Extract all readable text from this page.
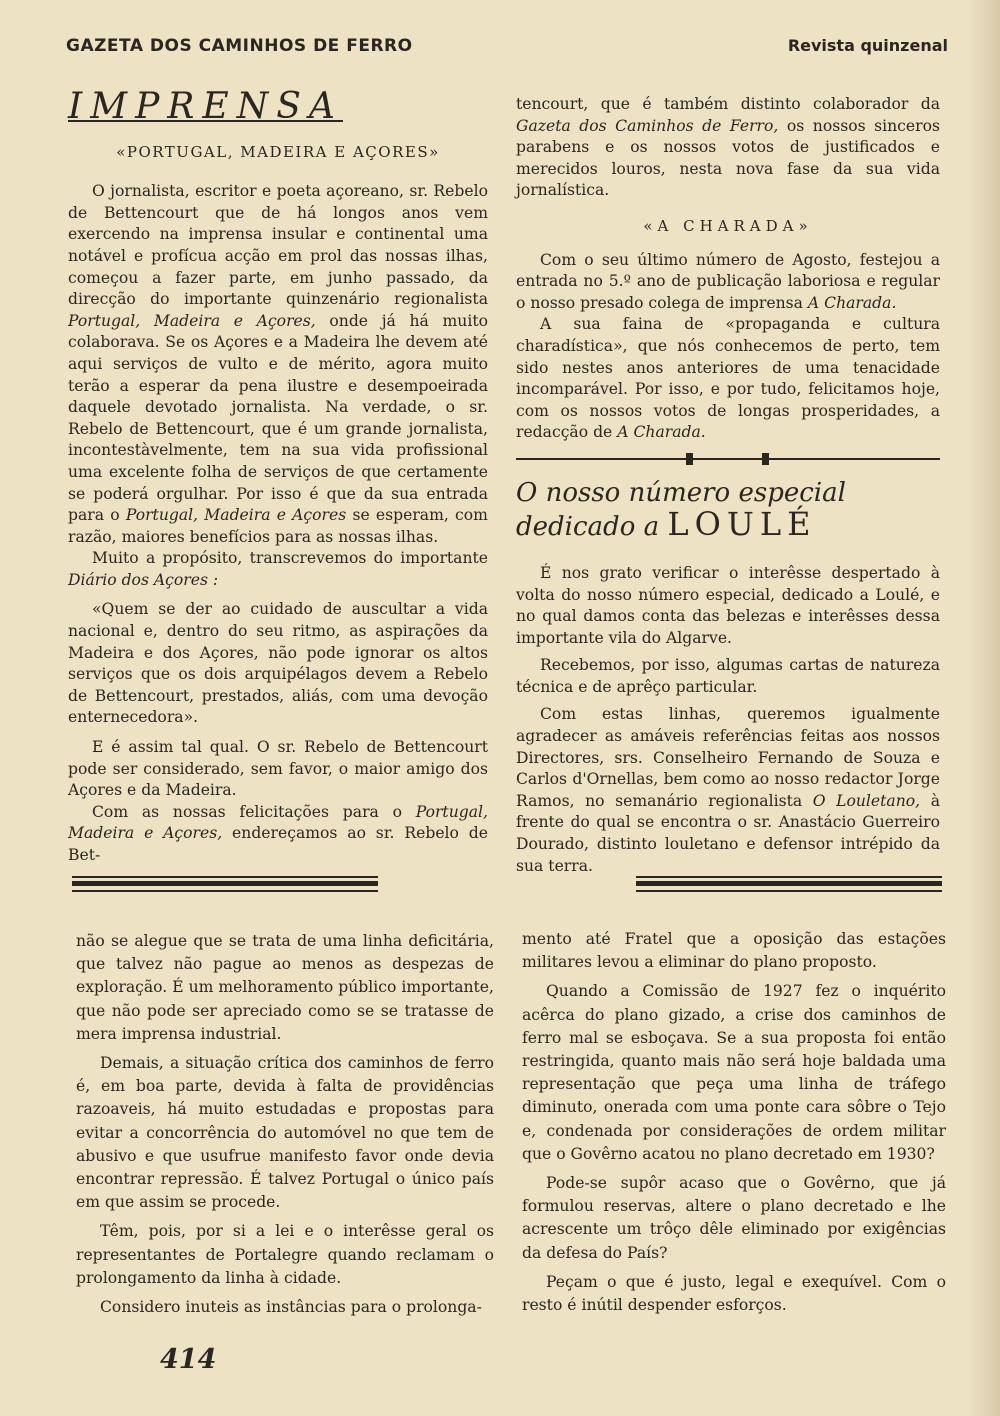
GAZETA DOS CAMINHOS DE FERRO	Revista quinzenal
IMPRENSA
«PORTUGAL, MADEIRA E AÇORES»

O jornalista, escritor e poeta açoreano, sr. Rebelo de Bettencourt que de há longos anos vem exercendo na imprensa insular e continental uma notável e profícua acção em prol das nossas ilhas, começou a fazer parte, em junho passado, da direcção do importante quinzenário regionalista Portugal, Madeira e Açores, onde já há muito colaborava. Se os Açores e a Madeira lhe devem até aqui serviços de vulto e de mérito, agora muito terão a esperar da pena ilustre e desempoeirada daquele devotado jornalista. Na verdade, o sr. Rebelo de Bettencourt, que é um grande jornalista, incontestàvelmente, tem na sua vida profissional uma excelente folha de serviços de que certamente se poderá orgulhar. Por isso é que da sua entrada para o Portugal, Madeira e Açores se esperam, com razão, maiores benefícios para as nossas ilhas.

Muito a propósito, transcrevemos do importante Diário dos Açores :

«Quem se der ao cuidado de auscultar a vida nacional e, dentro do seu ritmo, as aspirações da Madeira e dos Açores, não pode ignorar os altos serviços que os dois arquipélagos devem a Rebelo de Bettencourt, prestados, aliás, com uma devoção enternecedora».

E é assim tal qual. O sr. Rebelo de Bettencourt pode ser considerado, sem favor, o maior amigo dos Açores e da Madeira.

Com as nossas felicitações para o Portugal, Madeira e Açores, endereçamos ao sr. Rebelo de Bet-

tencourt, que é também distinto colaborador da Gazeta dos Caminhos de Ferro, os nossos sinceros parabens e os nossos votos de justificados e merecidos louros, nesta nova fase da sua vida jornalística.

«A CHARADA»

Com o seu último número de Agosto, festejou a entrada no 5.º ano de publicação laboriosa e regular o nosso presado colega de imprensa A Charada.

A sua faina de «propaganda e cultura charadística», que nós conhecemos de perto, tem sido nestes anos anteriores de uma tenacidade incomparável. Por isso, e por tudo, felicitamos hoje, com os nossos votos de longas prosperidades, a redacção de A Charada.

O nosso número especial
dedicado a LOULÉ

É nos grato verificar o interêsse despertado à volta do nosso número especial, dedicado a Loulé, e no qual damos conta das belezas e interêsses dessa importante vila do Algarve.

Recebemos, por isso, algumas cartas de natureza técnica e de aprêço particular.

Com estas linhas, queremos igualmente agradecer as amáveis referências feitas aos nossos Directores, srs. Conselheiro Fernando de Souza e Carlos d'Ornellas, bem como ao nosso redactor Jorge Ramos, no semanário regionalista O Louletano, à frente do qual se encontra o sr. Anastácio Guerreiro Dourado, distinto louletano e defensor intrépido da sua terra.

não se alegue que se trata de uma linha deficitária, que talvez não pague ao menos as despezas de exploração. É um melhoramento público importante, que não pode ser apreciado como se se tratasse de mera imprensa industrial.

Demais, a situação crítica dos caminhos de ferro é, em boa parte, devida à falta de providências razoaveis, há muito estudadas e propostas para evitar a concorrência do automóvel no que tem de abusivo e que usufrue manifesto favor onde devia encontrar repressão. É talvez Portugal o único país em que assim se procede.

Têm, pois, por si a lei e o interêsse geral os representantes de Portalegre quando reclamam o prolongamento da linha à cidade.

Considero inuteis as instâncias para o prolonga-

mento até Fratel que a oposição das estações militares levou a eliminar do plano proposto.

Quando a Comissão de 1927 fez o inquérito acêrca do plano gizado, a crise dos caminhos de ferro mal se esboçava. Se a sua proposta foi então restringida, quanto mais não será hoje baldada uma representação que peça uma linha de tráfego diminuto, onerada com uma ponte cara sôbre o Tejo e, condenada por considerações de ordem militar que o Govêrno acatou no plano decretado em 1930?

Pode-se supôr acaso que o Govêrno, que já formulou reservas, altere o plano decretado e lhe acrescente um trôço dêle eliminado por exigências da defesa do País?

Peçam o que é justo, legal e exequível. Com o resto é inútil despender esforços.

414
